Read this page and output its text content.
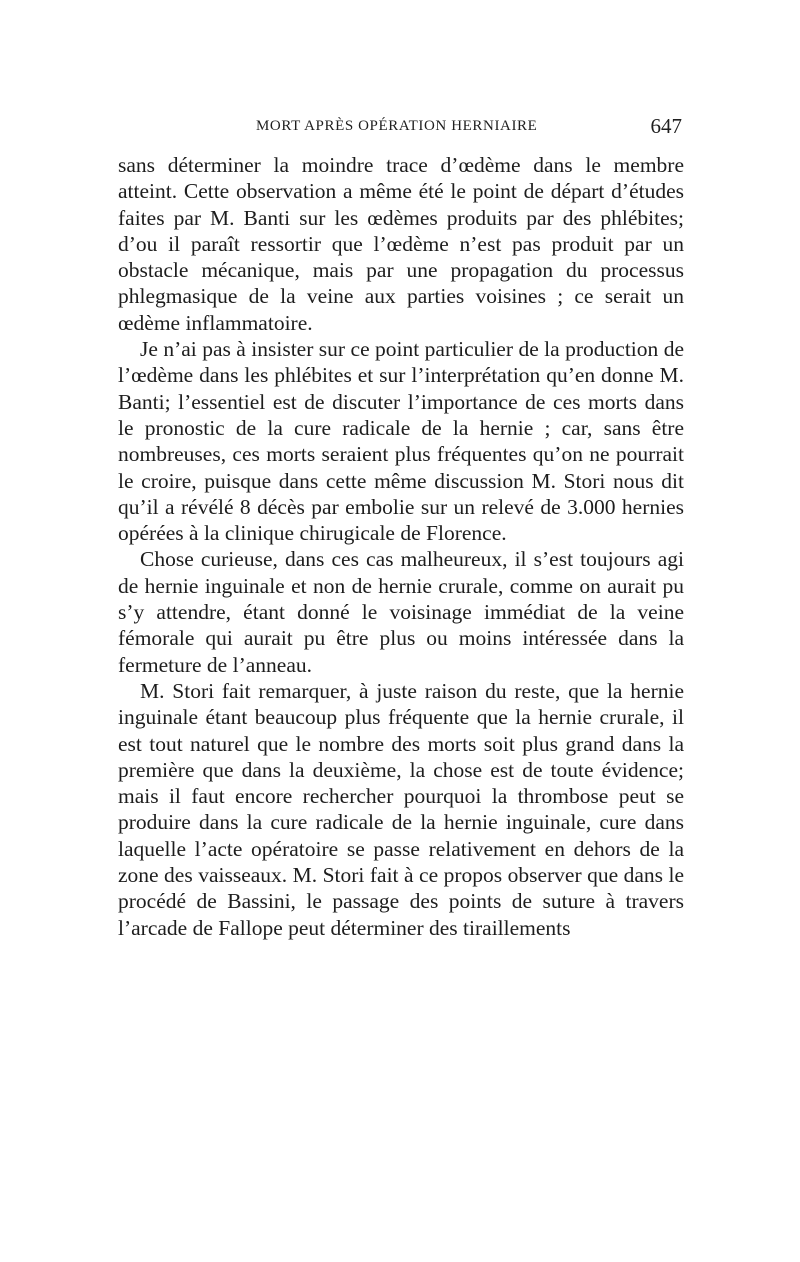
MORT APRÈS OPÉRATION HERNIAIRE	647

sans déterminer la moindre trace d’œdème dans le membre atteint. Cette observation a même été le point de départ d’études faites par M. Banti sur les œdèmes produits par des phlébites; d’ou il paraît ressortir que l’œdème n’est pas produit par un obstacle mécanique, mais par une propagation du processus phlegmasique de la veine aux parties voisines ; ce serait un œdème inflammatoire.

Je n’ai pas à insister sur ce point particulier de la production de l’œdème dans les phlébites et sur l’interprétation qu’en donne M. Banti; l’essentiel est de discuter l’importance de ces morts dans le pronostic de la cure radicale de la hernie ; car, sans être nombreuses, ces morts seraient plus fréquentes qu’on ne pourrait le croire, puisque dans cette même discussion M. Stori nous dit qu’il a révélé 8 décès par embolie sur un relevé de 3.000 hernies opérées à la clinique chirugicale de Florence.

Chose curieuse, dans ces cas malheureux, il s’est toujours agi de hernie inguinale et non de hernie crurale, comme on aurait pu s’y attendre, étant donné le voisinage immédiat de la veine fémorale qui aurait pu être plus ou moins intéressée dans la fermeture de l’anneau.

M. Stori fait remarquer, à juste raison du reste, que la hernie inguinale étant beaucoup plus fréquente que la hernie crurale, il est tout naturel que le nombre des morts soit plus grand dans la première que dans la deuxième, la chose est de toute évidence; mais il faut encore rechercher pourquoi la thrombose peut se produire dans la cure radicale de la hernie inguinale, cure dans laquelle l’acte opératoire se passe relativement en dehors de la zone des vaisseaux. M. Stori fait à ce propos observer que dans le procédé de Bassini, le passage des points de suture à travers l’arcade de Fallope peut déterminer des tiraillements
